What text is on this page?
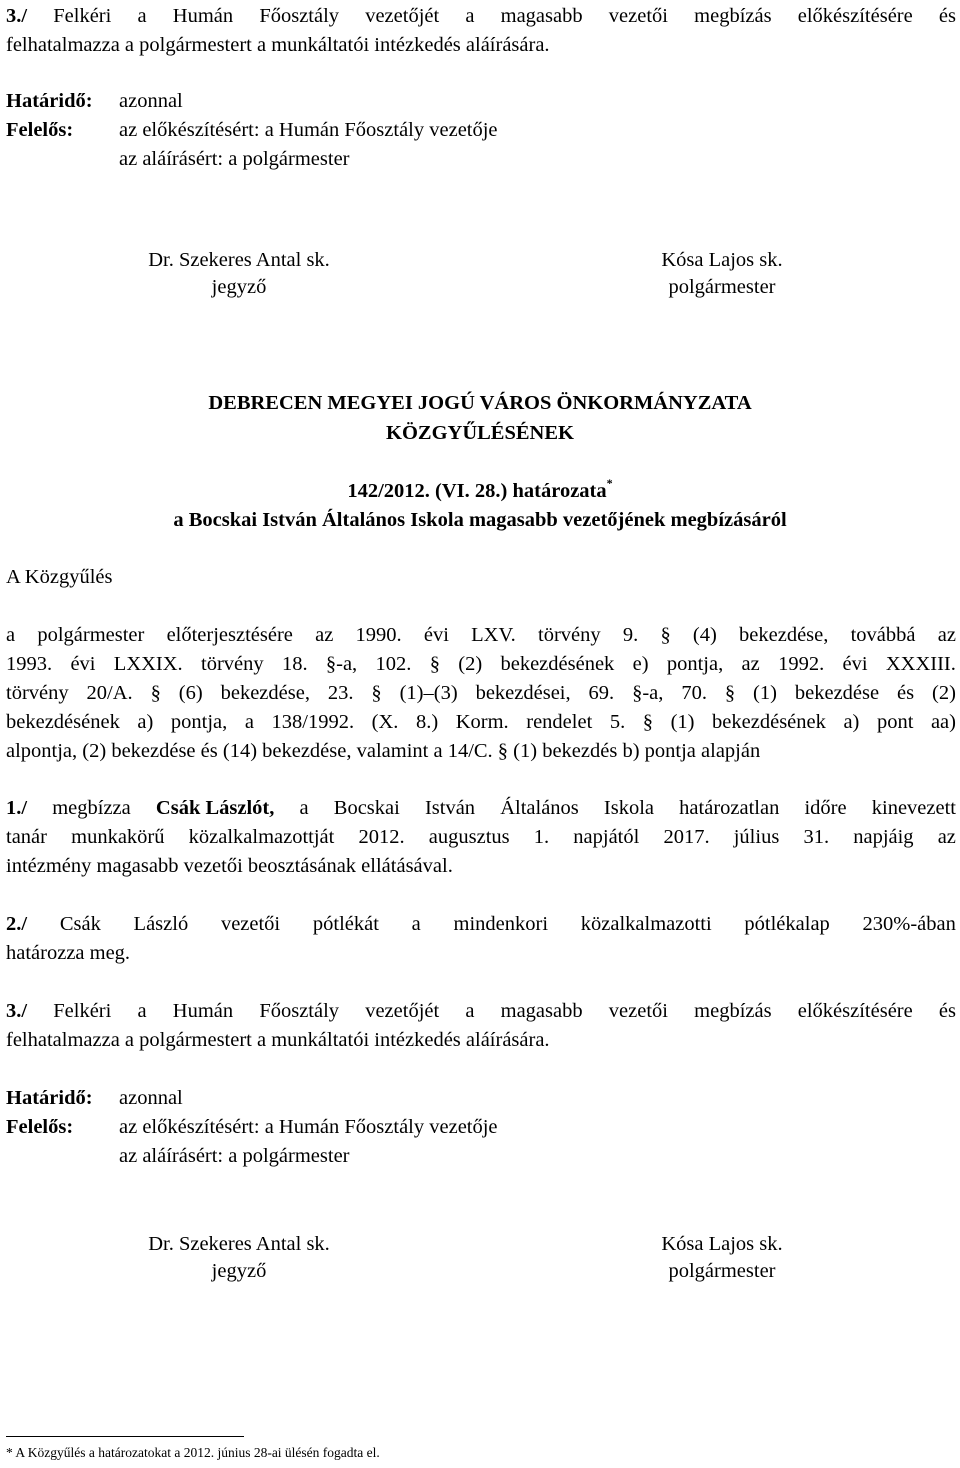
3./ Felkéri a Humán Főosztály vezetőjét a magasabb vezetői megbízás előkészítésére és
felhatalmazza a polgármestert a munkáltatói intézkedés aláírására.
Határidő: azonnal
Felelős: az előkészítésért: a Humán Főosztály vezetője
az aláírásért: a polgármester
Dr. Szekeres Antal sk.
jegyző
Kósa Lajos sk.
polgármester
DEBRECEN MEGYEI JOGÚ VÁROS ÖNKORMÁNYZATA
KÖZGYŰLÉSÉNEK
142/2012. (VI. 28.) határozata*
a Bocskai István Általános Iskola magasabb vezetőjének megbízásáról
A Közgyűlés
a polgármester előterjesztésére az 1990. évi LXV. törvény 9. § (4) bekezdése, továbbá az
1993. évi LXXIX. törvény 18. §-a, 102. § (2) bekezdésének e) pontja, az 1992. évi XXXIII.
törvény 20/A. § (6) bekezdése, 23. § (1)–(3) bekezdései, 69. §-a, 70. § (1) bekezdése és (2)
bekezdésének a) pontja, a 138/1992. (X. 8.) Korm. rendelet 5. § (1) bekezdésének a) pont aa)
alpontja, (2) bekezdése és (14) bekezdése, valamint a 14/C. § (1) bekezdés b) pontja alapján
1./ megbízza Csák Lászlót, a Bocskai István Általános Iskola határozatlan időre kinevezett
tanár munkakörű közalkalmazottját 2012. augusztus 1. napjától 2017. július 31. napjáig az
intézmény magasabb vezetői beosztásának ellátásával.
2./ Csák László vezetői pótlékát a mindenkori közalkalmazotti pótlékalap 230%-ában
határozza meg.
3./ Felkéri a Humán Főosztály vezetőjét a magasabb vezetői megbízás előkészítésére és
felhatalmazza a polgármestert a munkáltatói intézkedés aláírására.
Határidő: azonnal
Felelős: az előkészítésért: a Humán Főosztály vezetője
az aláírásért: a polgármester
Dr. Szekeres Antal sk.
jegyző
Kósa Lajos sk.
polgármester
* A Közgyűlés a határozatokat a 2012. június 28-ai ülésén fogadta el.
